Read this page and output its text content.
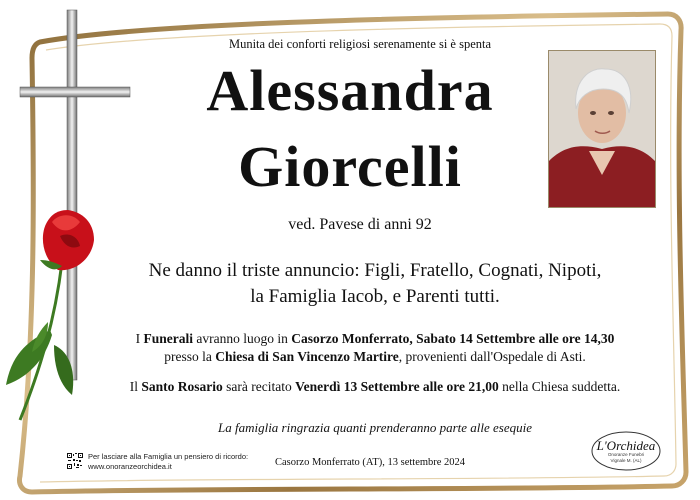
Munita dei conforti religiosi serenamente si è spenta
Alessandra
Giorcelli
ved. Pavese di anni 92
Ne danno il triste annuncio: Figli, Fratello, Cognati, Nipoti,
la Famiglia Iacob, e Parenti tutti.
I Funerali avranno luogo in Casorzo Monferrato, Sabato 14 Settembre alle ore 14,30
presso la Chiesa di San Vincenzo Martire, provenienti dall'Ospedale di Asti.
Il Santo Rosario sarà recitato Venerdì 13 Settembre alle ore 21,00 nella Chiesa suddetta.
La famiglia ringrazia quanti prenderanno parte alle esequie
Per lasciare alla Famiglia un pensiero di ricordo:
www.onoranzeorchidea.it	Casorzo Monferrato (AT), 13 settembre 2024
L'Orchidea
Onoranze Funebri
Vignale M. (AL)
